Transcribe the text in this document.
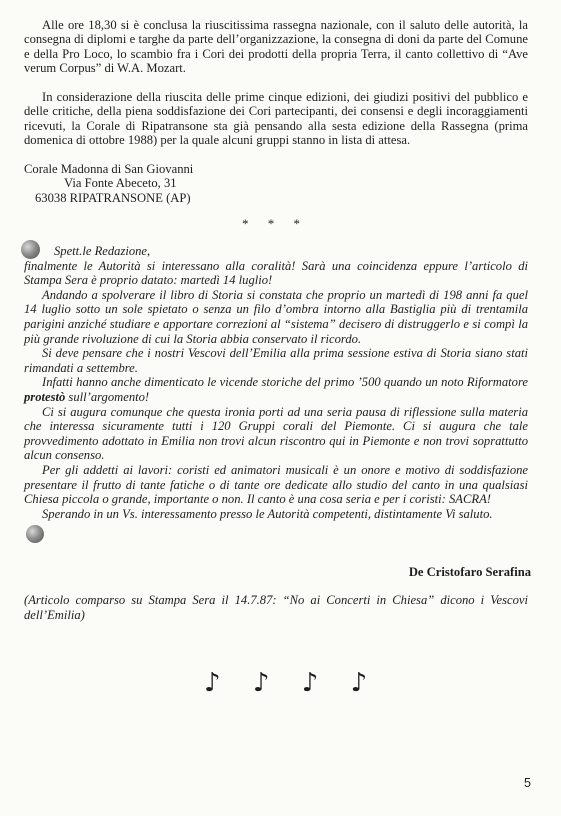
Alle ore 18,30 si è conclusa la riuscitissima rassegna nazionale, con il saluto delle autorità, la consegna di diplomi e targhe da parte dell’organizzazione, la consegna di doni da parte del Comune e della Pro Loco, lo scambio fra i Cori dei prodotti della propria Terra, il canto collettivo di “Ave verum Corpus” di W.A. Mozart.

In considerazione della riuscita delle prime cinque edizioni, dei giudizi positivi del pubblico e delle critiche, della piena soddisfazione dei Cori partecipanti, dei consensi e degli incoraggiamenti ricevuti, la Corale di Ripatransone sta già pensando alla sesta edizione della Rassegna (prima domenica di ottobre 1988) per la quale alcuni gruppi stanno in lista di attesa.

Corale Madonna di San Giovanni
Via Fonte Abeceto, 31
63038 RIPATRANSONE (AP)
* * *

Spett.le Redazione,

finalmente le Autorità si interessano alla coralità! Sarà una coincidenza eppure l’articolo di Stampa Sera è proprio datato: martedì 14 luglio!

Andando a spolverare il libro di Storia si constata che proprio un martedì di 198 anni fa quel 14 luglio sotto un sole spietato o senza un filo d’ombra intorno alla Bastiglia più di trentamila parigini anziché studiare e apportare correzioni al “sistema” decisero di distruggerlo e si compì la più grande rivoluzione di cui la Storia abbia conservato il ricordo.

Si deve pensare che i nostri Vescovi dell’Emilia alla prima sessione estiva di Storia siano stati rimandati a settembre.

Infatti hanno anche dimenticato le vicende storiche del primo ’500 quando un noto Riformatore protestò sull’argomento!

Ci si augura comunque che questa ironia porti ad una seria pausa di riflessione sulla materia che interessa sicuramente tutti i 120 Gruppi corali del Piemonte. Ci si augura che tale provvedimento adottato in Emilia non trovi alcun riscontro qui in Piemonte e non trovi soprattutto alcun consenso.

Per gli addetti ai lavori: coristi ed animatori musicali è un onore e motivo di soddisfazione presentare il frutto di tante fatiche o di tante ore dedicate allo studio del canto in una qualsiasi Chiesa piccola o grande, importante o non. Il canto è una cosa seria e per i coristi: SACRA!

Sperando in un Vs. interessamento presso le Autorità competenti, distintamente Vi saluto.

De Cristofaro Serafina

(Articolo comparso su Stampa Sera il 14.7.87: “No ai Concerti in Chiesa” dicono i Vescovi dell’Emilia)

♪ ♪ ♪ ♪
5
